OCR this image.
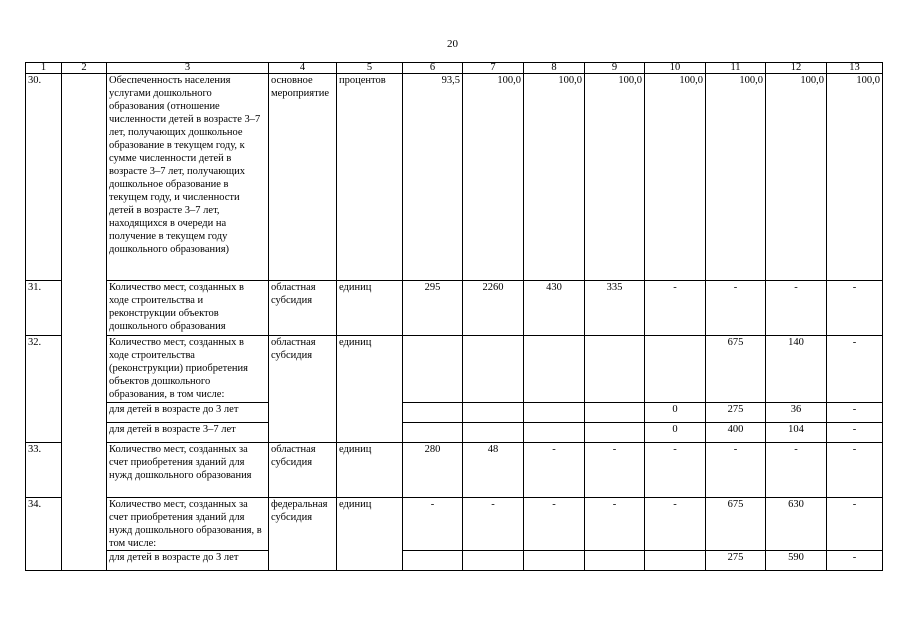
20
1	2	3	4	5	6	7	8	9	10	11	12	13
30.		Обеспеченность населения услугами дошкольного образования (отношение численности детей в возрасте 3–7 лет, получающих дошкольное образование в текущем году, к сумме численности детей в возрасте 3–7 лет, получающих дошкольное образование в текущем году, и численности детей в возрасте 3–7 лет, находящихся в очереди на получение в текущем году дошкольного образования)	основное мероприятие	процентов	93,5	100,0	100,0	100,0	100,0	100,0	100,0	100,0
31.		Количество мест, созданных в ходе строительства и реконструкции объектов дошкольного образования	областная субсидия	единиц	295	2260	430	335	-	-	-	-
32.		Количество мест, созданных в ходе строительства (реконструкции) приобретения объектов дошкольного образования, в том числе:	областная субсидия	единиц						675	140	-
		для детей в возрасте до 3 лет							0	275	36	-
		для детей в возрасте 3–7 лет							0	400	104	-
33.		Количество мест, созданных за счет приобретения зданий для нужд дошкольного образования	областная субсидия	единиц	280	48	-	-	-	-	-	-
34.		Количество мест, созданных за счет приобретения зданий для нужд дошкольного образования, в том числе:	федеральная субсидия	единиц	-	-	-	-	-	675	630	-
		для детей в возрасте до 3 лет								275	590	-
